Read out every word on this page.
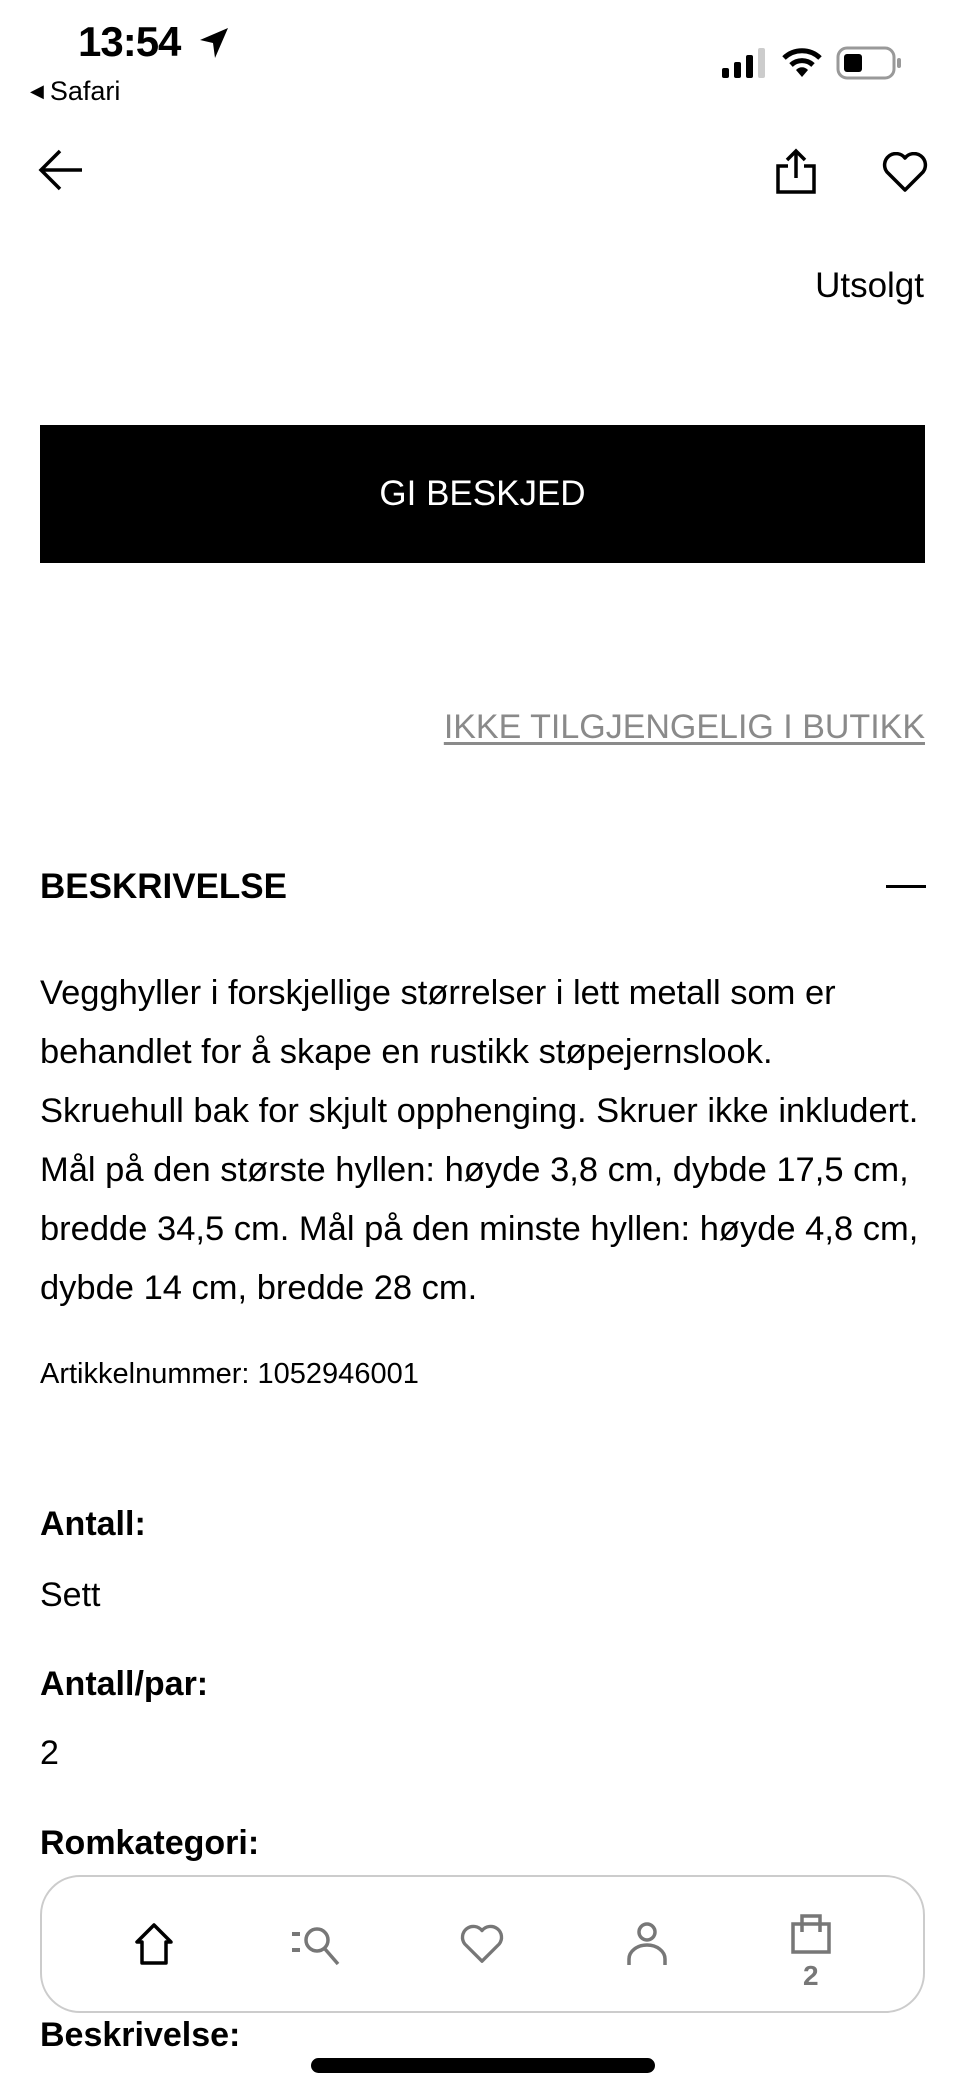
13:54
◀ Safari
Utsolgt
GI BESKJED
IKKE TILGJENGELIG I BUTIKK
BESKRIVELSE
Vegghyller i forskjellige størrelser i lett metall som er behandlet for å skape en rustikk støpejernslook. Skruehull bak for skjult opphenging. Skruer ikke inkludert. Mål på den største hyllen: høyde 3,8 cm, dybde 17,5 cm, bredde 34,5 cm. Mål på den minste hyllen: høyde 4,8 cm, dybde 14 cm, bredde 28 cm.
Artikkelnummer: 1052946001
Antall:
Sett
Antall/par:
2
Romkategori:
Beskrivelse:
2
